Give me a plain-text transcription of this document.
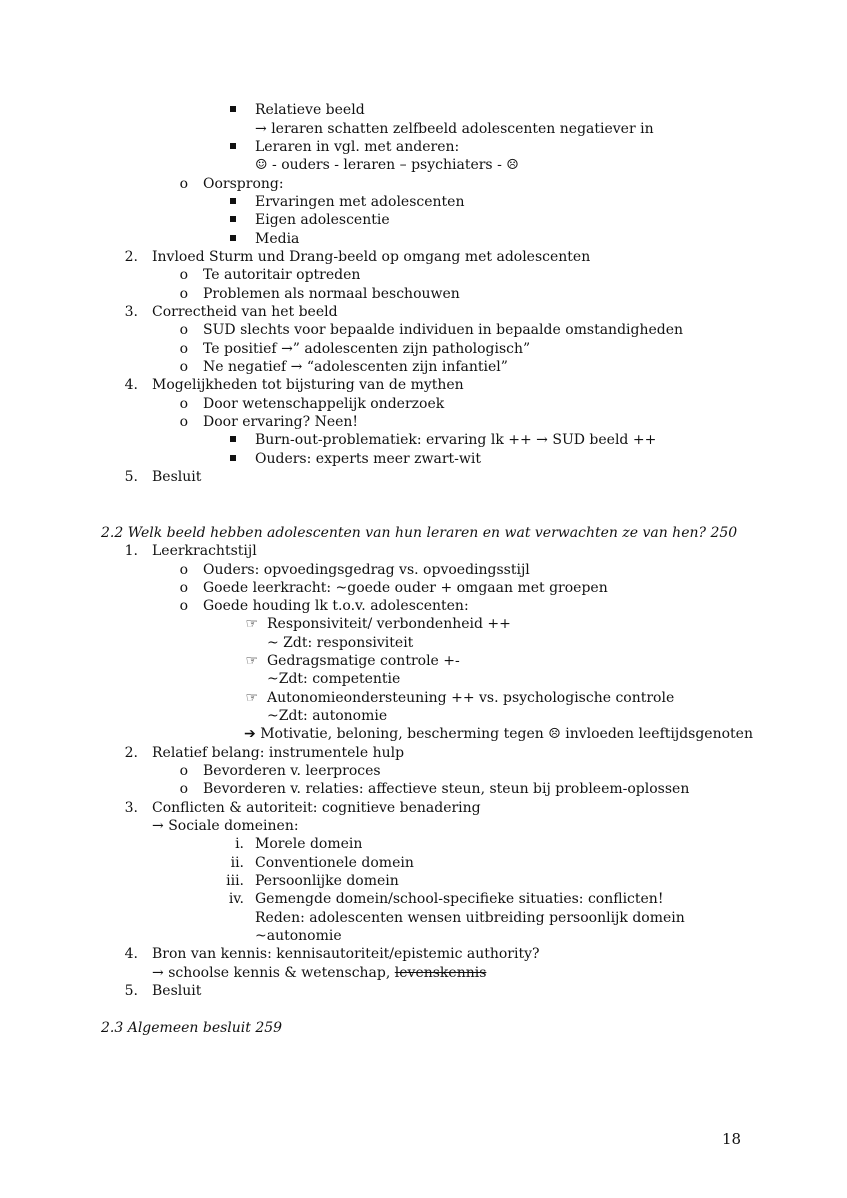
Relatieve beeld
→ leraren schatten zelfbeeld adolescenten negatiever in
Leraren in vgl. met anderen:
☺ - ouders - leraren – psychiaters - ☹
o Oorsprong:
Ervaringen met adolescenten
Eigen adolescentie
Media
2. Invloed Sturm und Drang-beeld op omgang met adolescenten
o Te autoritair optreden
o Problemen als normaal beschouwen
3. Correctheid van het beeld
o SUD slechts voor bepaalde individuen in bepaalde omstandigheden
o Te positief →” adolescenten zijn pathologisch”
o Ne negatief → “adolescenten zijn infantiel”
4. Mogelijkheden tot bijsturing van de mythen
o Door wetenschappelijk onderzoek
o Door ervaring? Neen!
Burn-out-problematiek: ervaring lk ++ → SUD beeld ++
Ouders: experts meer zwart-wit
5. Besluit
2.2 Welk beeld hebben adolescenten van hun leraren en wat verwachten ze van hen? 250
1. Leerkrachtstijl
o Ouders: opvoedingsgedrag vs. opvoedingsstijl
o Goede leerkracht: ~goede ouder + omgaan met groepen
o Goede houding lk t.o.v. adolescenten:
☞ Responsiviteit/ verbondenheid ++
~ Zdt: responsiviteit
☞ Gedragsmatige controle +-
~Zdt: competentie
☞ Autonomieondersteuning ++ vs. psychologische controle
~Zdt: autonomie
➔ Motivatie, beloning, bescherming tegen ☹ invloeden leeftijdsgenoten
2. Relatief belang: instrumentele hulp
o Bevorderen v. leerproces
o Bevorderen v. relaties: affectieve steun, steun bij probleem-oplossen
3. Conflicten & autoriteit: cognitieve benadering
→ Sociale domeinen:
i. Morele domein
ii. Conventionele domein
iii. Persoonlijke domein
iv. Gemengde domein/school-specifieke situaties: conflicten!
Reden: adolescenten wensen uitbreiding persoonlijk domein
~autonomie
4. Bron van kennis: kennisautoriteit/epistemic authority?
→ schoolse kennis & wetenschap, levenskennis
5. Besluit
2.3 Algemeen besluit 259
18
